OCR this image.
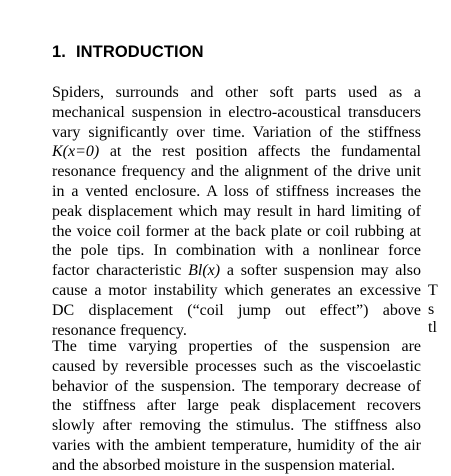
1. INTRODUCTION
Spiders, surrounds and other soft parts used as a
mechanical suspension in electro-acoustical transducers
vary significantly over time. Variation of the stiffness
K(x=0) at the rest position affects the fundamental
resonance frequency and the alignment of the drive unit
in a vented enclosure. A loss of stiffness increases the
peak displacement which may result in hard limiting of
the voice coil former at the back plate or coil rubbing at
the pole tips. In combination with a nonlinear force
factor characteristic Bl(x) a softer suspension may also
cause a motor instability which generates an excessive
DC displacement (“coil jump out effect”) above
resonance frequency.
The time varying properties of the suspension are
caused by reversible processes such as the viscoelastic
behavior of the suspension. The temporary decrease of
the stiffness after large peak displacement recovers
slowly after removing the stimulus. The stiffness also
varies with the ambient temperature, humidity of the air
and the absorbed moisture in the suspension material.
T
s
tl
